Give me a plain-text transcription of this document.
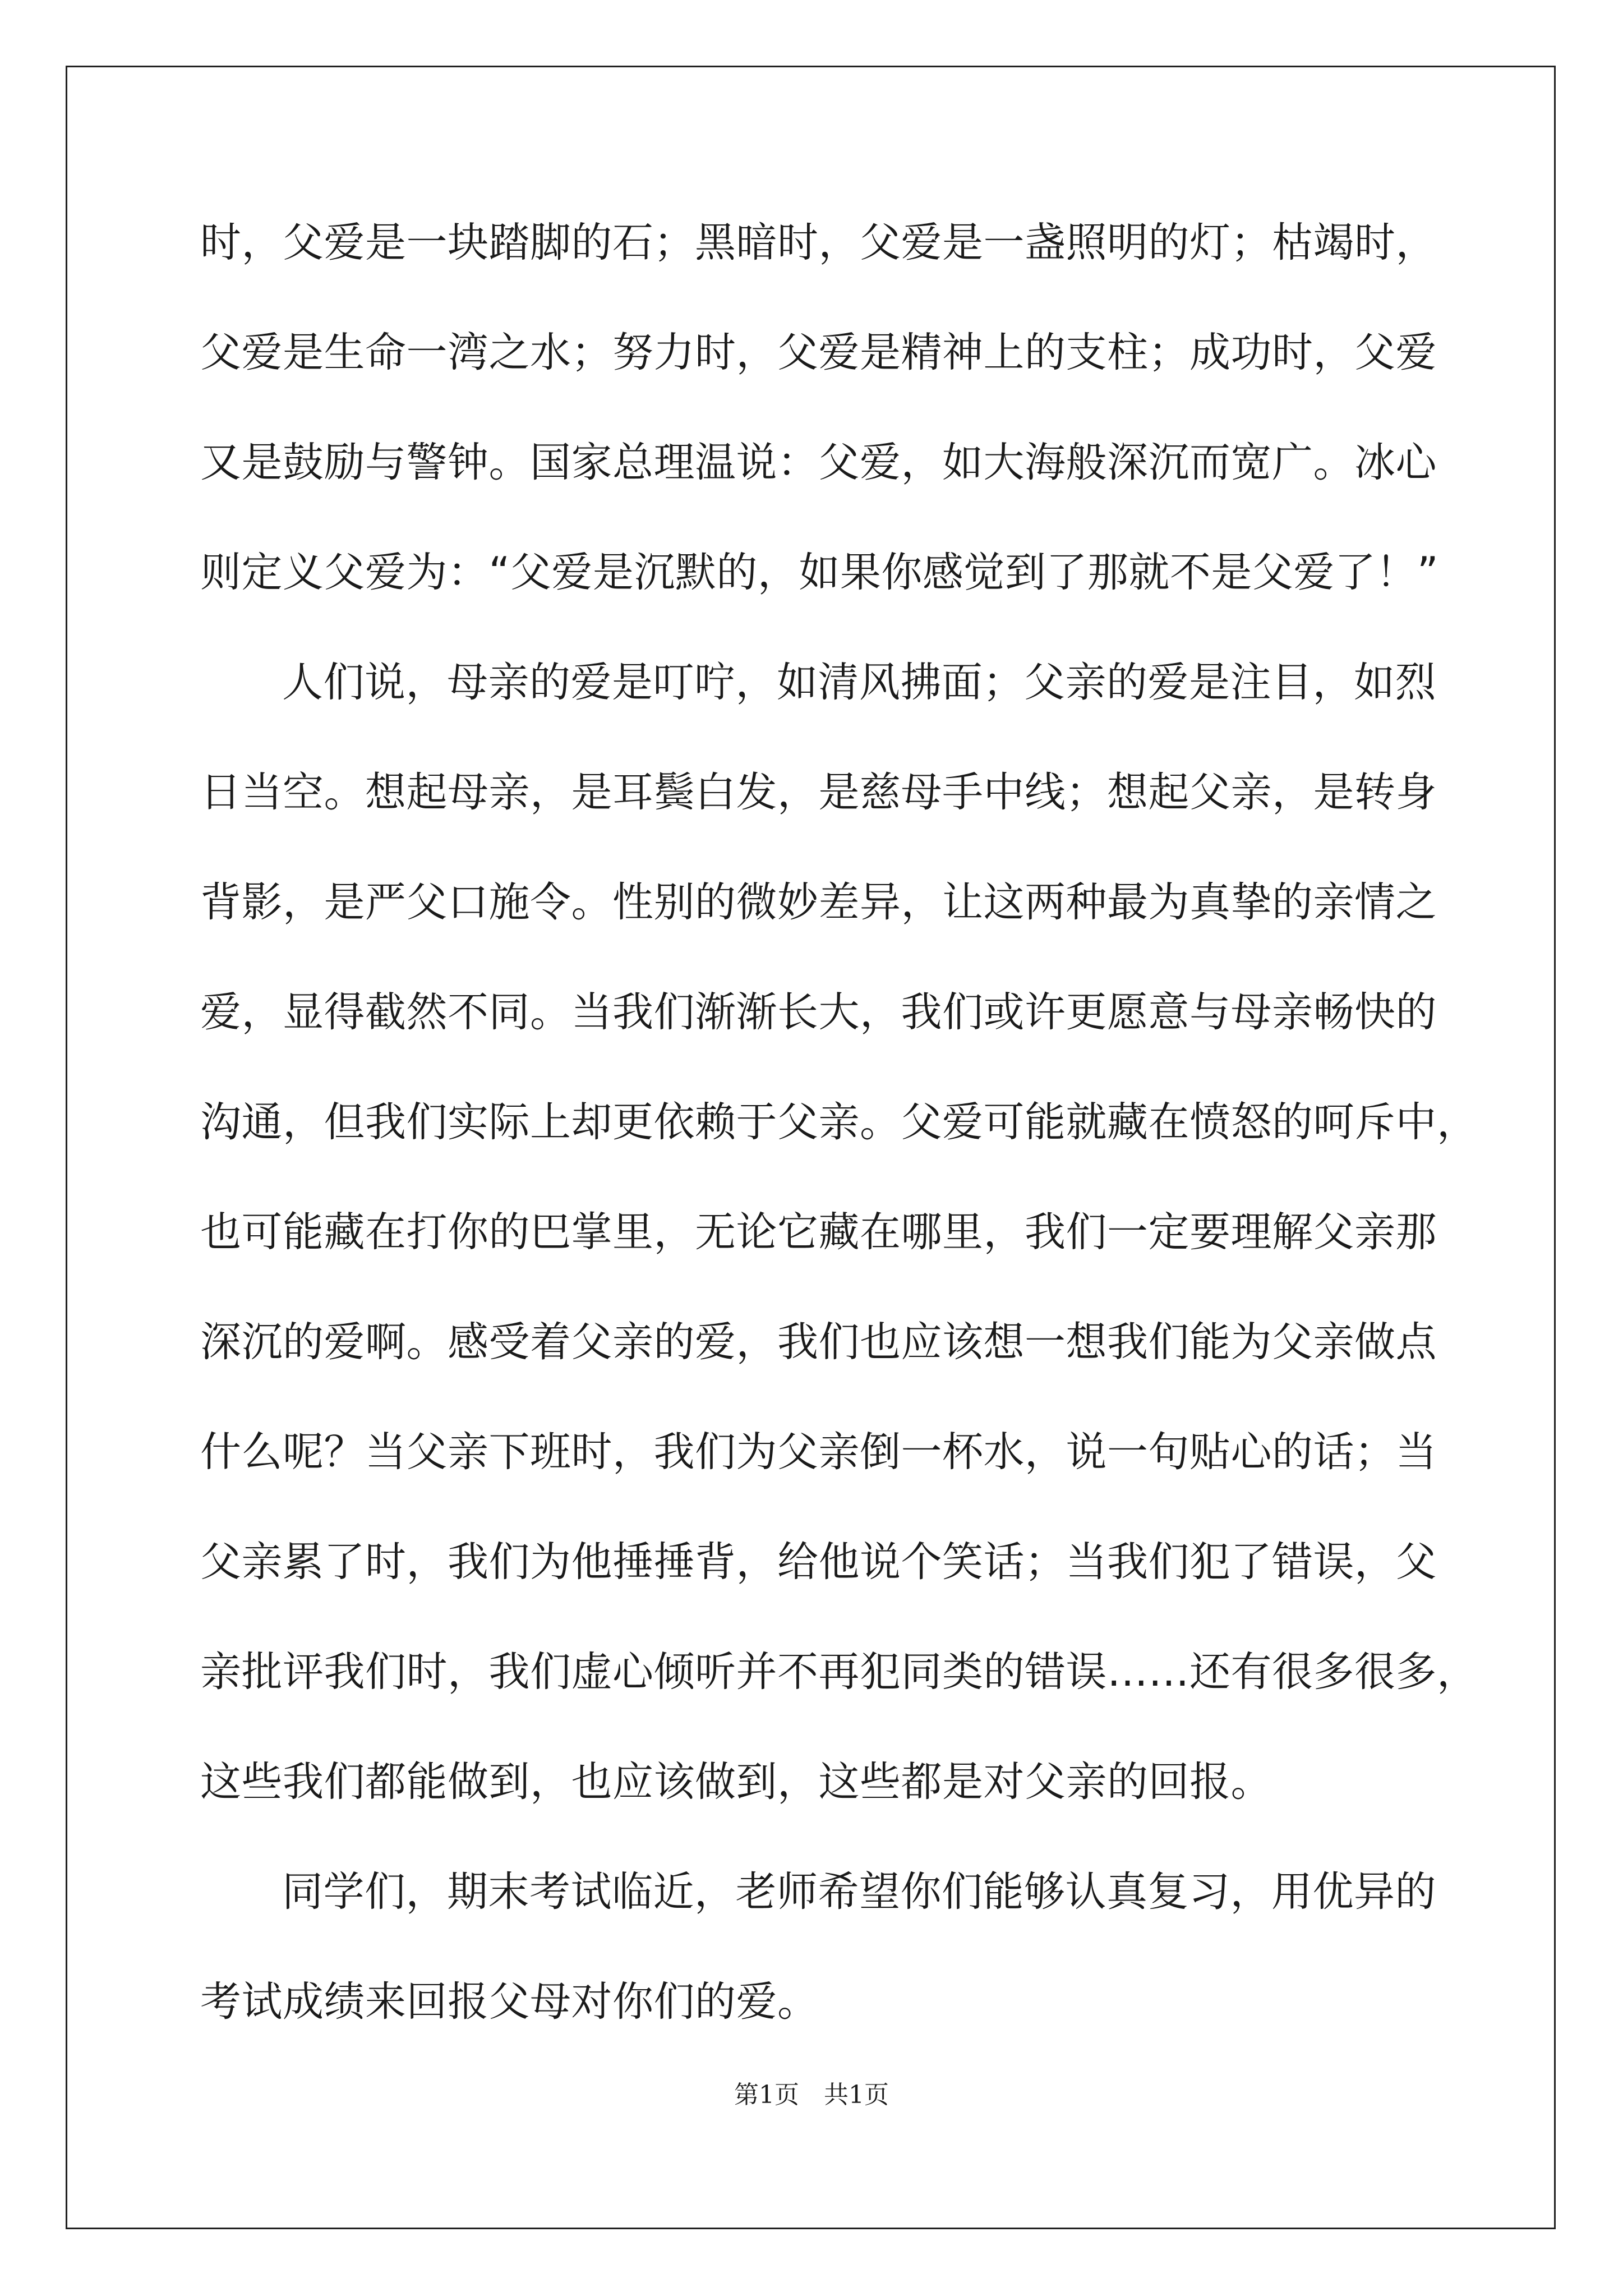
时，父爱是一块踏脚的石；黑暗时，父爱是一盏照明的灯；枯竭时，
父爱是生命一湾之水；努力时，父爱是精神上的支柱；成功时，父爱
又是鼓励与警钟。国家总理温说：父爱，如大海般深沉而宽广。冰心
则定义父爱为：“父爱是沉默的，如果你感觉到了那就不是父爱了！”
人们说，母亲的爱是叮咛，如清风拂面；父亲的爱是注目，如烈
日当空。想起母亲，是耳鬓白发，是慈母手中线；想起父亲，是转身
背影，是严父口施令。性别的微妙差异，让这两种最为真挚的亲情之
爱，显得截然不同。当我们渐渐长大，我们或许更愿意与母亲畅快的
沟通，但我们实际上却更依赖于父亲。父爱可能就藏在愤怒的呵斥中，
也可能藏在打你的巴掌里，无论它藏在哪里，我们一定要理解父亲那
深沉的爱啊。感受着父亲的爱，我们也应该想一想我们能为父亲做点
什么呢？当父亲下班时，我们为父亲倒一杯水，说一句贴心的话；当
父亲累了时，我们为他捶捶背，给他说个笑话；当我们犯了错误，父
亲批评我们时，我们虚心倾听并不再犯同类的错误……还有很多很多，
这些我们都能做到，也应该做到，这些都是对父亲的回报。
同学们，期末考试临近，老师希望你们能够认真复习，用优异的
考试成绩来回报父母对你们的爱。
第1页 共1页
